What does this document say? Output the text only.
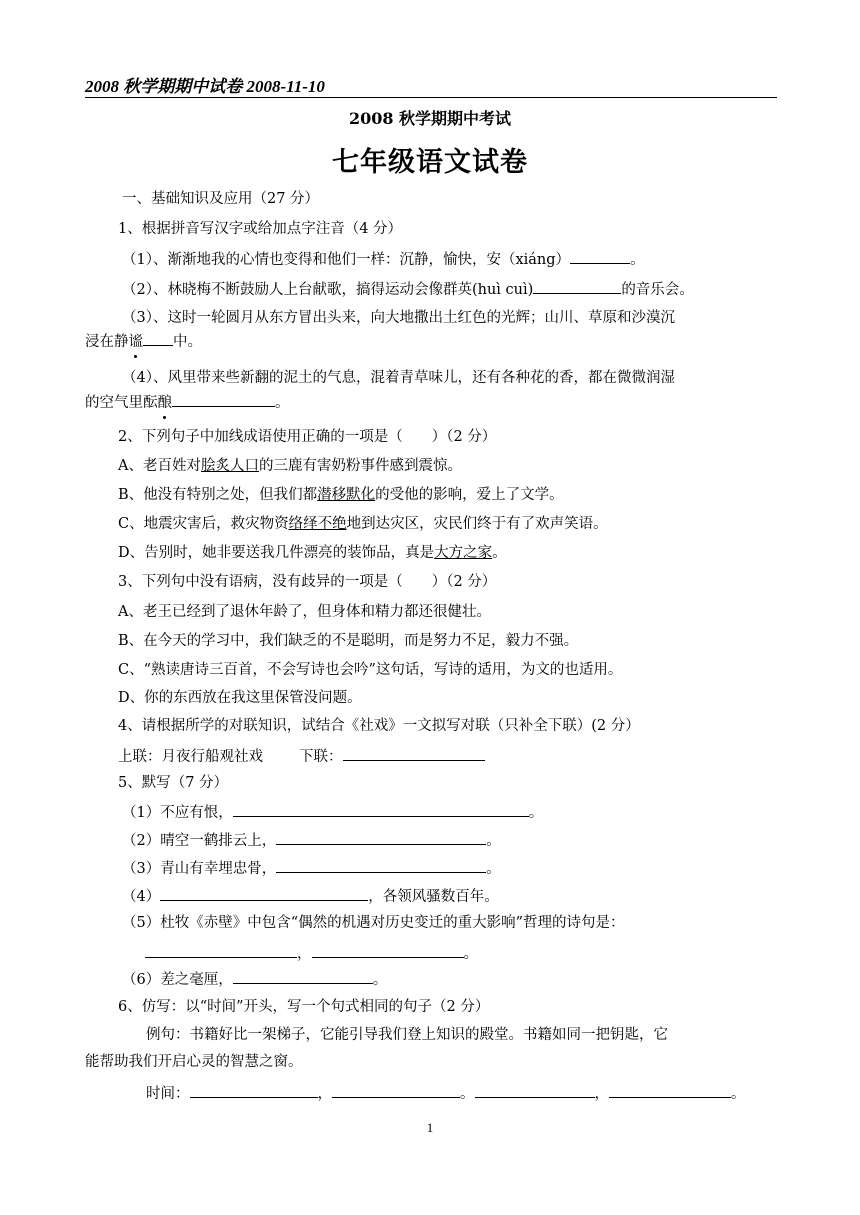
2008 秋学期期中试卷 2008-11-10
2008 秋学期期中考试
七年级语文试卷
一、基础知识及应用（27 分）
1、根据拼音写汉字或给加点字注音（4 分）
（1）、渐渐地我的心情也变得和他们一样：沉静，愉快，安（xiáng）	。
（2）、林晓梅不断鼓励人上台献歌，搞得运动会像群英(huì cuì)	的音乐会。
（3）、这时一轮圆月从东方冒出头来，向大地撒出土红色的光辉；山川、草原和沙漠沉
浸在静谧 中。
（4）、风里带来些新翻的泥土的气息，混着青草味儿，还有各种花的香，都在微微润湿
的空气里酝酿	。
2、下列句子中加线成语使用正确的一项是（　　）（2 分）
A、老百姓对脍炙人口的三鹿有害奶粉事件感到震惊。
B、他没有特别之处，但我们都潜移默化的受他的影响，爱上了文学。
C、地震灾害后，救灾物资络绎不绝地到达灾区，灾民们终于有了欢声笑语。
D、告别时，她非要送我几件漂亮的装饰品，真是大方之家。
3、下列句中没有语病，没有歧异的一项是（　　）（2 分）
A、老王已经到了退休年龄了，但身体和精力都还很健壮。
B、在今天的学习中，我们缺乏的不是聪明，而是努力不足，毅力不强。
C、“熟读唐诗三百首，不会写诗也会吟”这句话，写诗的适用，为文的也适用。
D、你的东西放在我这里保管没问题。
4、请根据所学的对联知识，试结合《社戏》一文拟写对联（只补全下联）(2 分）
上联：月夜行船观社戏 下联：
5、默写（7 分）
（1）不应有恨，	。
（2）晴空一鹤排云上，	。
（3）青山有幸埋忠骨，	。
（4）	，各领风骚数百年。
（5）杜牧《赤壁》中包含“偶然的机遇对历史变迁的重大影响”哲理的诗句是：
，	。
（6）差之毫厘，	。
6、仿写：以“时间”开头，写一个句式相同的句子（2 分）
例句：书籍好比一架梯子，它能引导我们登上知识的殿堂。书籍如同一把钥匙，它
能帮助我们开启心灵的智慧之窗。
时间：	，	。	，	。
1
